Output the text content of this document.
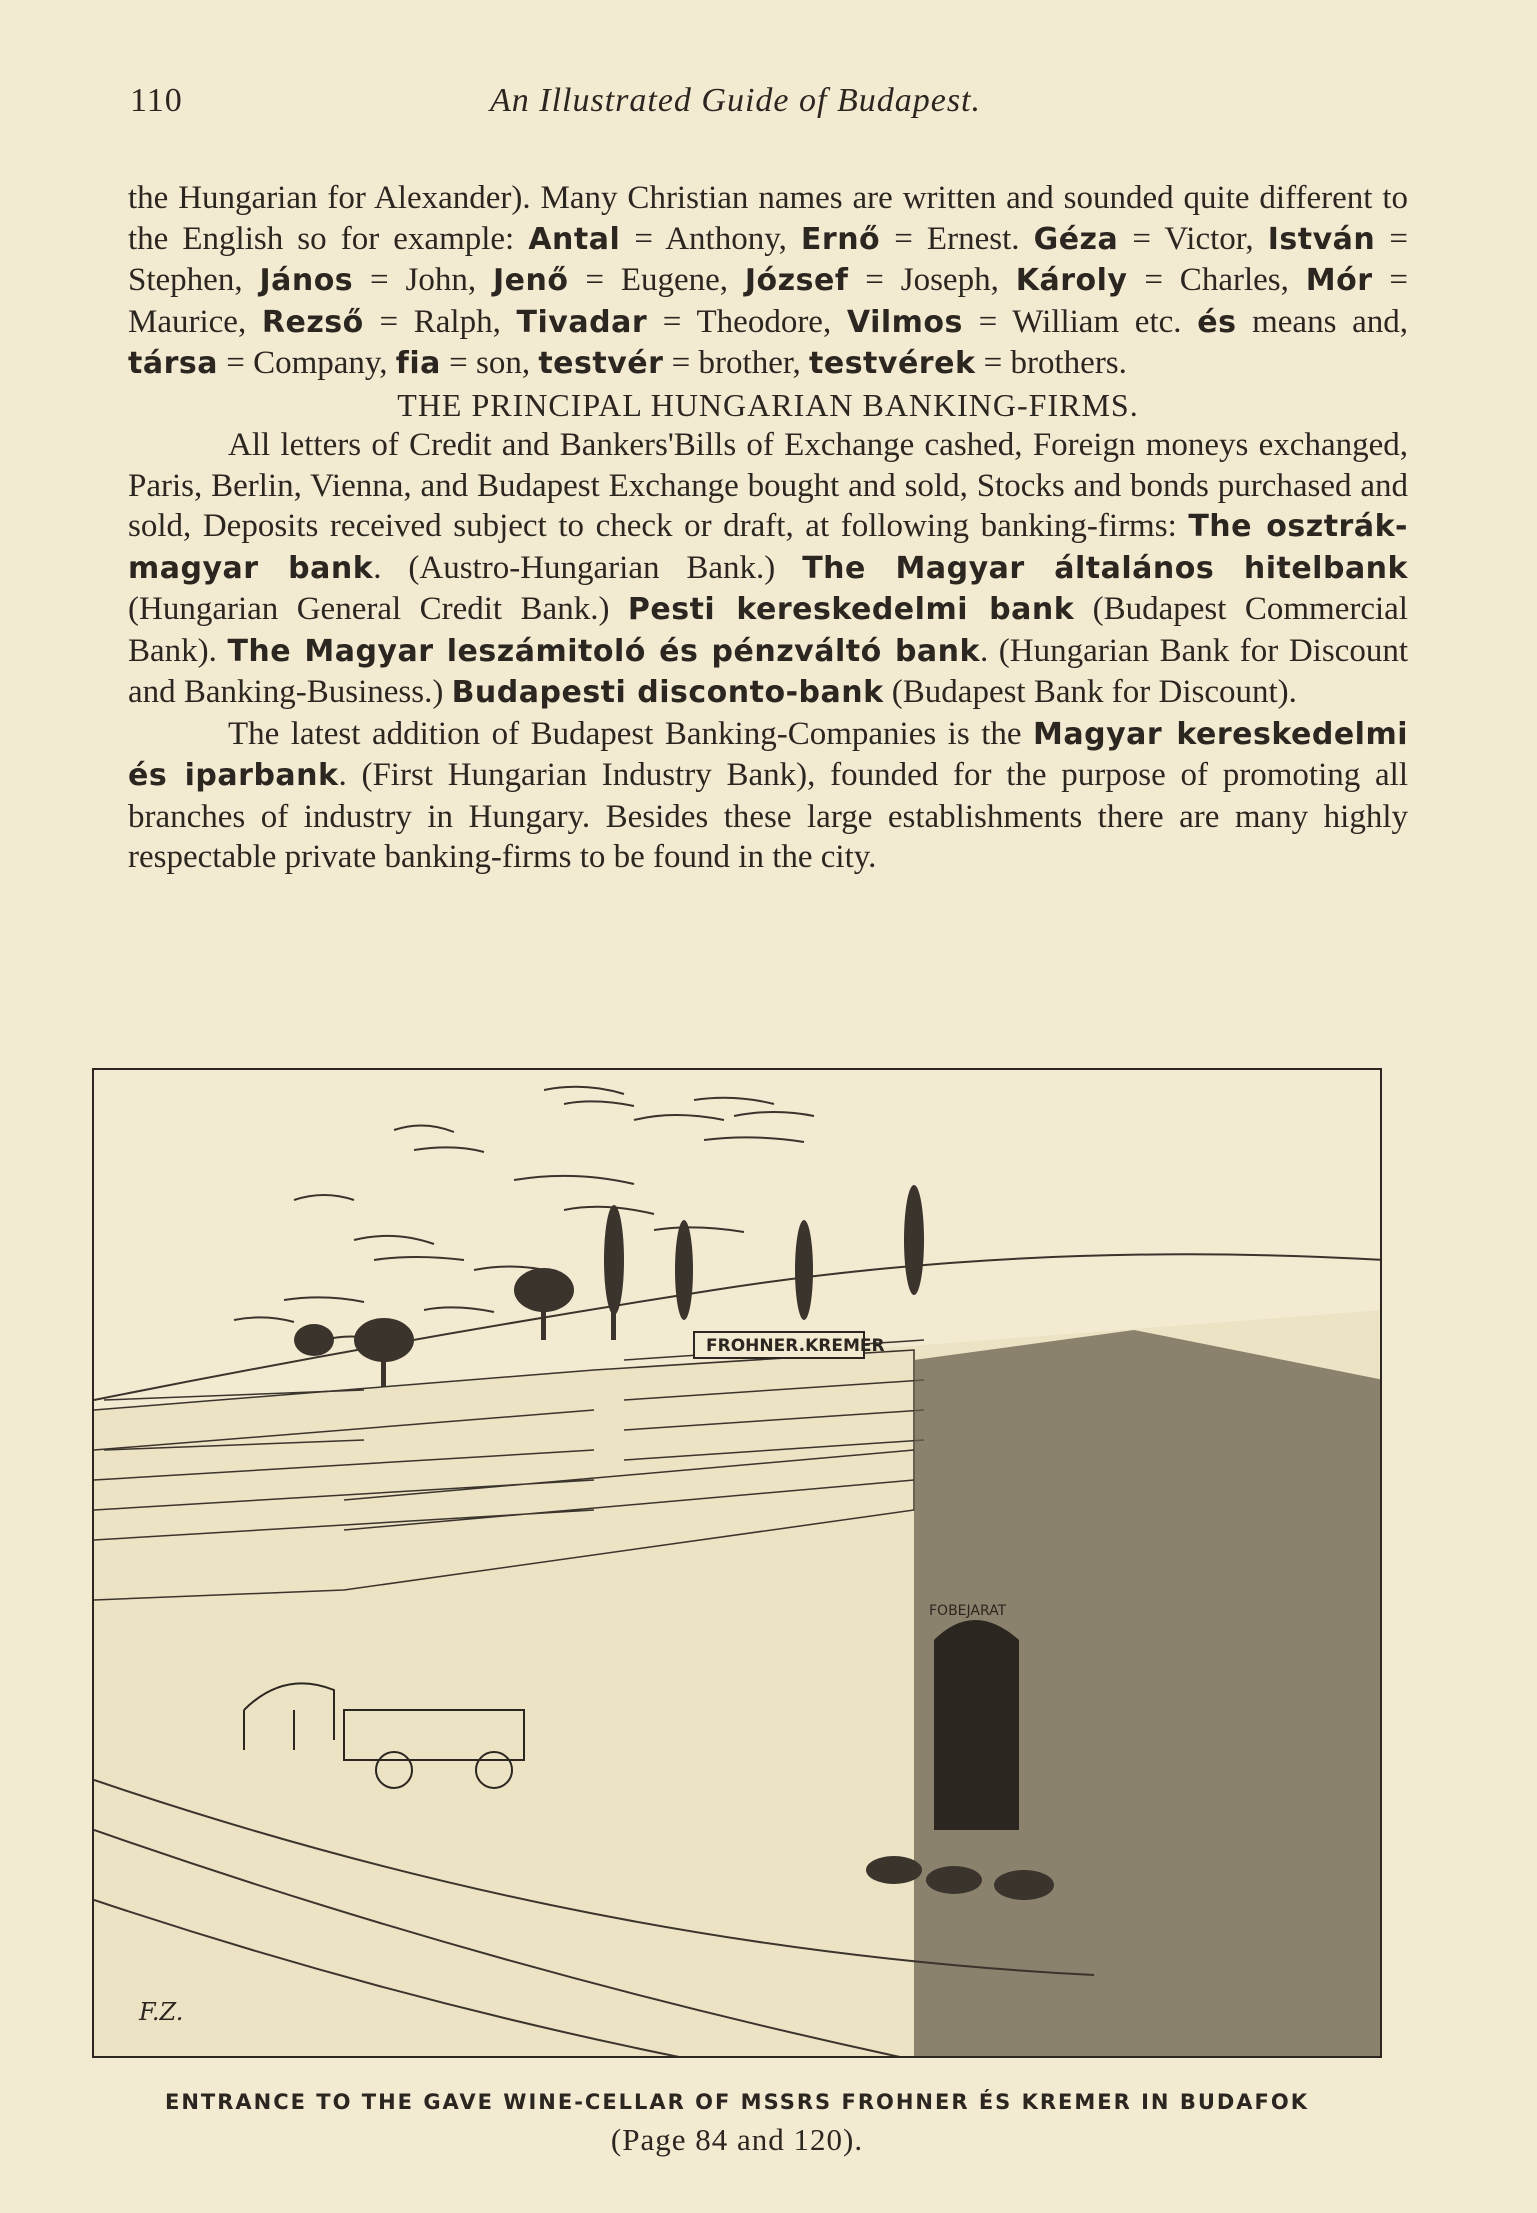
110	An Illustrated Guide of Budapest.

the Hungarian for Alexander). Many Christian names are written and sounded quite different to the English so for example: Antal = Anthony, Ernő = Ernest. Géza = Victor, István = Stephen, János = John, Jenő = Eugene, József = Joseph, Károly = Charles, Mór = Maurice, Rezső = Ralph, Tivadar = Theodore, Vilmos = William etc. és means and, társa = Company, fia = son, testvér = brother, testvérek = brothers.

THE PRINCIPAL HUNGARIAN BANKING-FIRMS.

All letters of Credit and Bankers'Bills of Exchange cashed, Foreign moneys exchanged, Paris, Berlin, Vienna, and Budapest Exchange bought and sold, Stocks and bonds purchased and sold, Deposits received subject to check or draft, at following banking-firms: The osztrák-magyar bank. (Austro-Hungarian Bank.) The Magyar általános hitelbank (Hungarian General Credit Bank.) Pesti kereskedelmi bank (Budapest Commercial Bank). The Magyar leszámitoló és pénzváltó bank. (Hungarian Bank for Discount and Banking-Business.) Budapesti disconto-bank (Budapest Bank for Discount).

The latest addition of Budapest Banking-Companies is the Magyar kereskedelmi és iparbank. (First Hungarian Industry Bank), founded for the purpose of promoting all branches of industry in Hungary. Besides these large establishments there are many highly respectable private banking-firms to be found in the city.

FROHNER.KREMER
FOBEJARAT
F.Z.
ENTRANCE TO THE GAVE WINE-CELLAR OF MSSRS FROHNER ÉS KREMER IN BUDAFOK
(Page 84 and 120).
